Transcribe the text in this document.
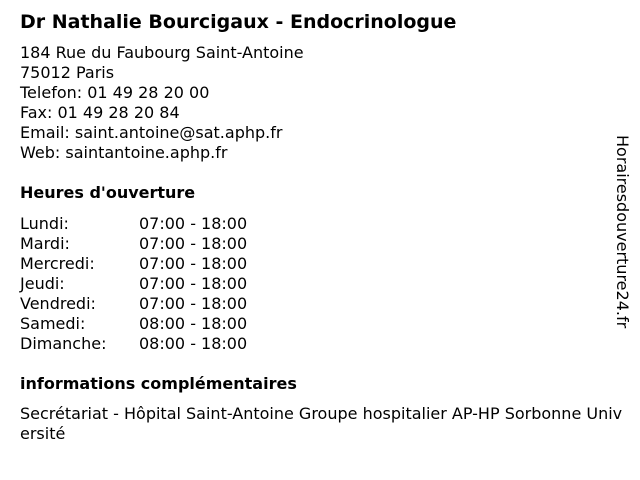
Dr Nathalie Bourcigaux - Endocrinologue
184 Rue du Faubourg Saint-Antoine
75012 Paris
Telefon: 01 49 28 20 00
Fax: 01 49 28 20 84
Email: saint.antoine@sat.aphp.fr
Web: saintantoine.aphp.fr
Heures d'ouverture
Lundi:	07:00 - 18:00
Mardi:	07:00 - 18:00
Mercredi:	07:00 - 18:00
Jeudi:	07:00 - 18:00
Vendredi:	07:00 - 18:00
Samedi:	08:00 - 18:00
Dimanche:	08:00 - 18:00
informations complémentaires
Secrétariat - Hôpital Saint-Antoine Groupe hospitalier AP-HP Sorbonne Université
Horairesdouverture24.fr
